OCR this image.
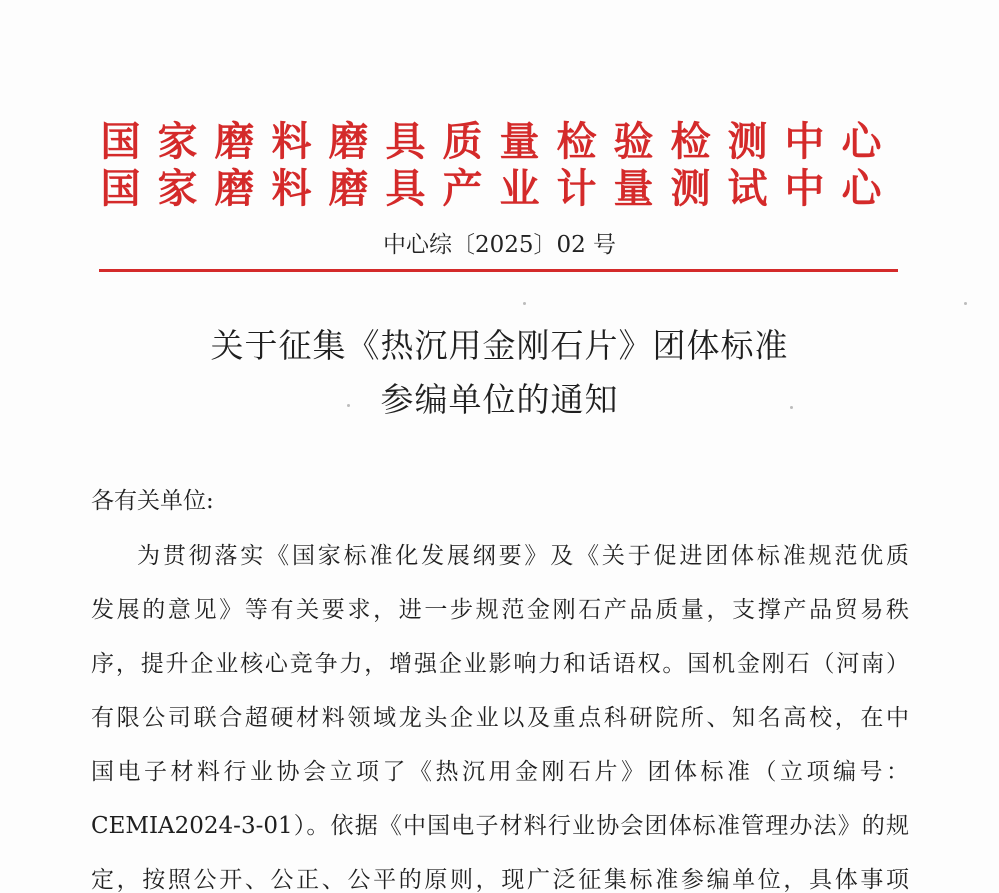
国家磨料磨具质量检验检测中心
国家磨料磨具产业计量测试中心
中心综〔2025〕02 号
关于征集《热沉用金刚石片》团体标准
参编单位的通知
各有关单位:
为贯彻落实《国家标准化发展纲要》及《关于促进团体标准规范优质
发展的意见》等有关要求，进一步规范金刚石产品质量，支撑产品贸易秩
序，提升企业核心竞争力，增强企业影响力和话语权。国机金刚石（河南）
有限公司联合超硬材料领域龙头企业以及重点科研院所、知名高校，在中
国电子材料行业协会立项了《热沉用金刚石片》团体标准（立项编号：
CEMIA2024-3-01）。依据《中国电子材料行业协会团体标准管理办法》的规
定，按照公开、公正、公平的原则，现广泛征集标准参编单位，具体事项
